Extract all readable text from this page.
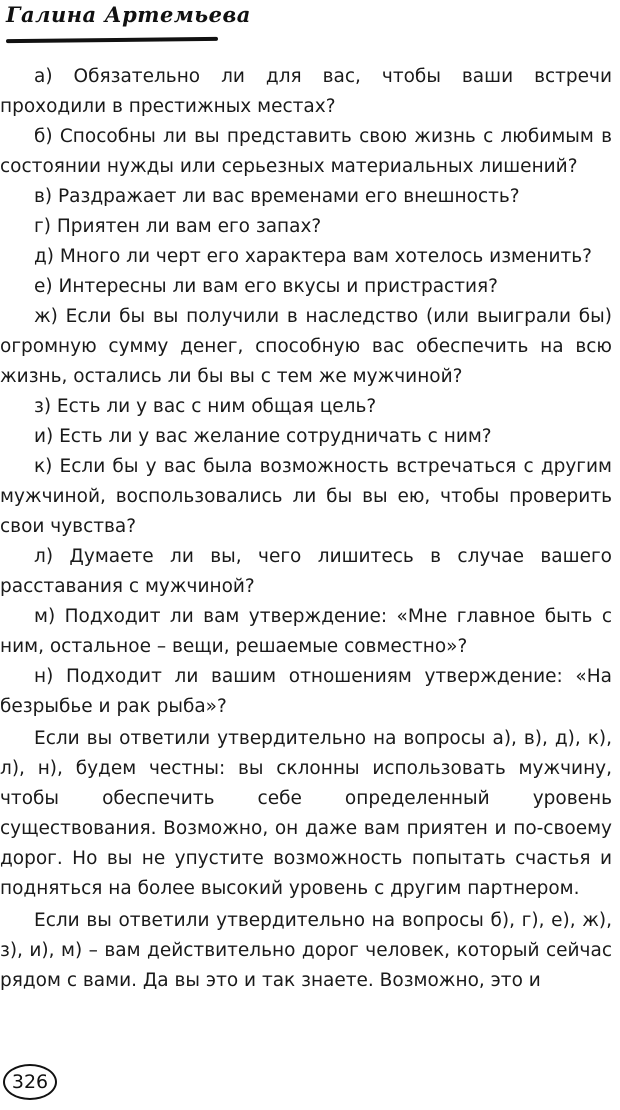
Галина Артемьева

а) Обязательно ли для вас, чтобы ваши встречи проходили в престижных местах?

б) Способны ли вы представить свою жизнь с любимым в состоянии нужды или серьезных материальных лишений?

в) Раздражает ли вас временами его внешность?

г) Приятен ли вам его запах?

д) Много ли черт его характера вам хотелось изменить?

е) Интересны ли вам его вкусы и пристрастия?

ж) Если бы вы получили в наследство (или выиграли бы) огромную сумму денег, способную вас обеспечить на всю жизнь, остались ли бы вы с тем же мужчиной?

з) Есть ли у вас с ним общая цель?

и) Есть ли у вас желание сотрудничать с ним?

к) Если бы у вас была возможность встречаться с другим мужчиной, воспользовались ли бы вы ею, чтобы проверить свои чувства?

л) Думаете ли вы, чего лишитесь в случае вашего расставания с мужчиной?

м) Подходит ли вам утверждение: «Мне главное быть с ним, остальное – вещи, решаемые совместно»?

н) Подходит ли вашим отношениям утверждение: «На безрыбье и рак рыба»?

Если вы ответили утвердительно на вопросы а), в), д), к), л), н), будем честны: вы склонны использовать мужчину, чтобы обеспечить себе определенный уровень существования. Возможно, он даже вам приятен и по-своему дорог. Но вы не упустите возможность попытать счастья и подняться на более высокий уровень с другим партнером.

Если вы ответили утвердительно на вопросы б), г), е), ж), з), и), м) – вам действительно дорог человек, который сейчас рядом с вами. Да вы это и так знаете. Возможно, это и

326
